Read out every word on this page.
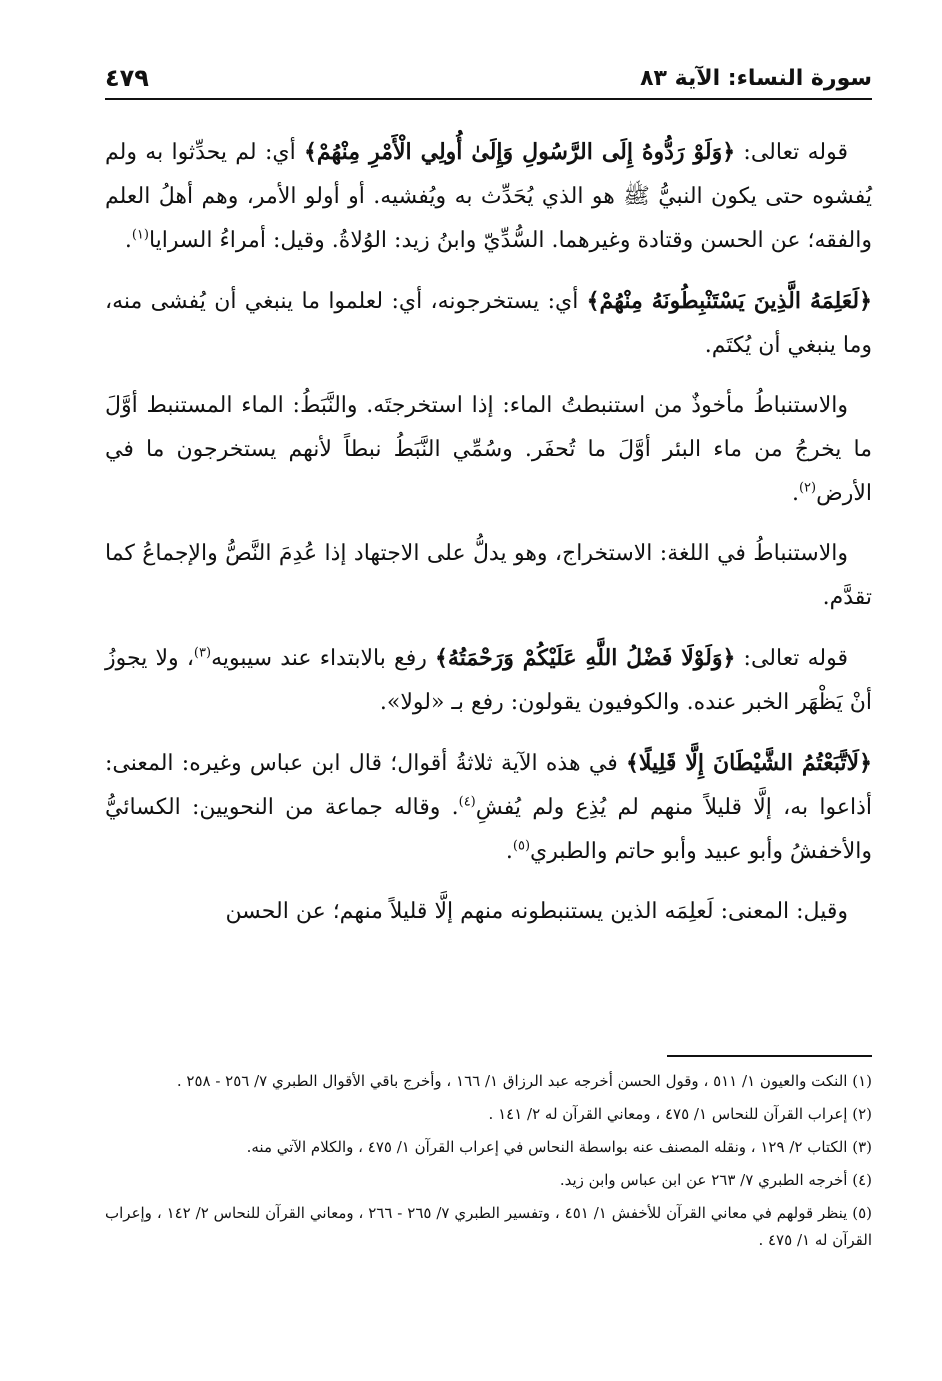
سورة النساء: الآية ٨٣
٤٧٩

قوله تعالى: ﴿وَلَوْ رَدُّوهُ إِلَى الرَّسُولِ وَإِلَىٰ أُولِي الْأَمْرِ مِنْهُمْ﴾ أي: لم يحدِّثوا به ولم يُفشوه حتى يكون النبيُّ ﷺ هو الذي يُحَدِّث به ويُفشيه. أو أولو الأمر، وهم أهلُ العلم والفقه؛ عن الحسن وقتادة وغيرهما. السُّدِّيّ وابنُ زيد: الوُلاةُ. وقيل: أمراءُ السرايا$^{(١)}$.

﴿لَعَلِمَهُ الَّذِينَ يَسْتَنْبِطُونَهُ مِنْهُمْ﴾ أي: يستخرجونه، أي: لعلموا ما ينبغي أن يُفشى منه، وما ينبغي أن يُكتَم.

والاستنباطُ مأخوذٌ من استنبطتُ الماء: إذا استخرجتَه. والنَّبَطُ: الماء المستنبط أوَّلَ ما يخرجُ من ماء البئر أوَّلَ ما تُحفَر. وسُمِّي النَّبَطُ نبطاً لأنهم يستخرجون ما في الأرض$^{(٢)}$.

والاستنباطُ في اللغة: الاستخراج، وهو يدلُّ على الاجتهاد إذا عُدِمَ النَّصُّ والإجماعُ كما تقدَّم.

قوله تعالى: ﴿وَلَوْلَا فَضْلُ اللَّهِ عَلَيْكُمْ وَرَحْمَتُهُ﴾ رفع بالابتداء عند سيبويه$^{(٣)}$، ولا يجوزُ أنْ يَظْهَر الخبر عنده. والكوفيون يقولون: رفع بـ «لولا».

﴿لَاتَّبَعْتُمُ الشَّيْطَانَ إِلَّا قَلِيلًا﴾ في هذه الآية ثلاثةُ أقوال؛ قال ابن عباس وغيره: المعنى: أذاعوا به، إلَّا قليلاً منهم لم يُذِع ولم يُفشِ$^{(٤)}$. وقاله جماعة من النحويين: الكسائيُّ والأخفشُ وأبو عبيد وأبو حاتم والطبري$^{(٥)}$.

وقيل: المعنى: لَعلِمَه الذين يستنبطونه منهم إلَّا قليلاً منهم؛ عن الحسن

(١) النكت والعيون ١/ ٥١١ ، وقول الحسن أخرجه عبد الرزاق ١/ ١٦٦ ، وأخرج باقي الأقوال الطبري ٧/ ٢٥٦ - ٢٥٨ .

(٢) إعراب القرآن للنحاس ١/ ٤٧٥ ، ومعاني القرآن له ٢/ ١٤١ .

(٣) الكتاب ٢/ ١٢٩ ، ونقله المصنف عنه بواسطة النحاس في إعراب القرآن ١/ ٤٧٥ ، والكلام الآتي منه.

(٤) أخرجه الطبري ٧/ ٢٦٣ عن ابن عباس وابن زيد.

(٥) ينظر قولهم في معاني القرآن للأخفش ١/ ٤٥١ ، وتفسير الطبري ٧/ ٢٦٥ - ٢٦٦ ، ومعاني القرآن للنحاس ٢/ ١٤٢ ، وإعراب القرآن له ١/ ٤٧٥ .
